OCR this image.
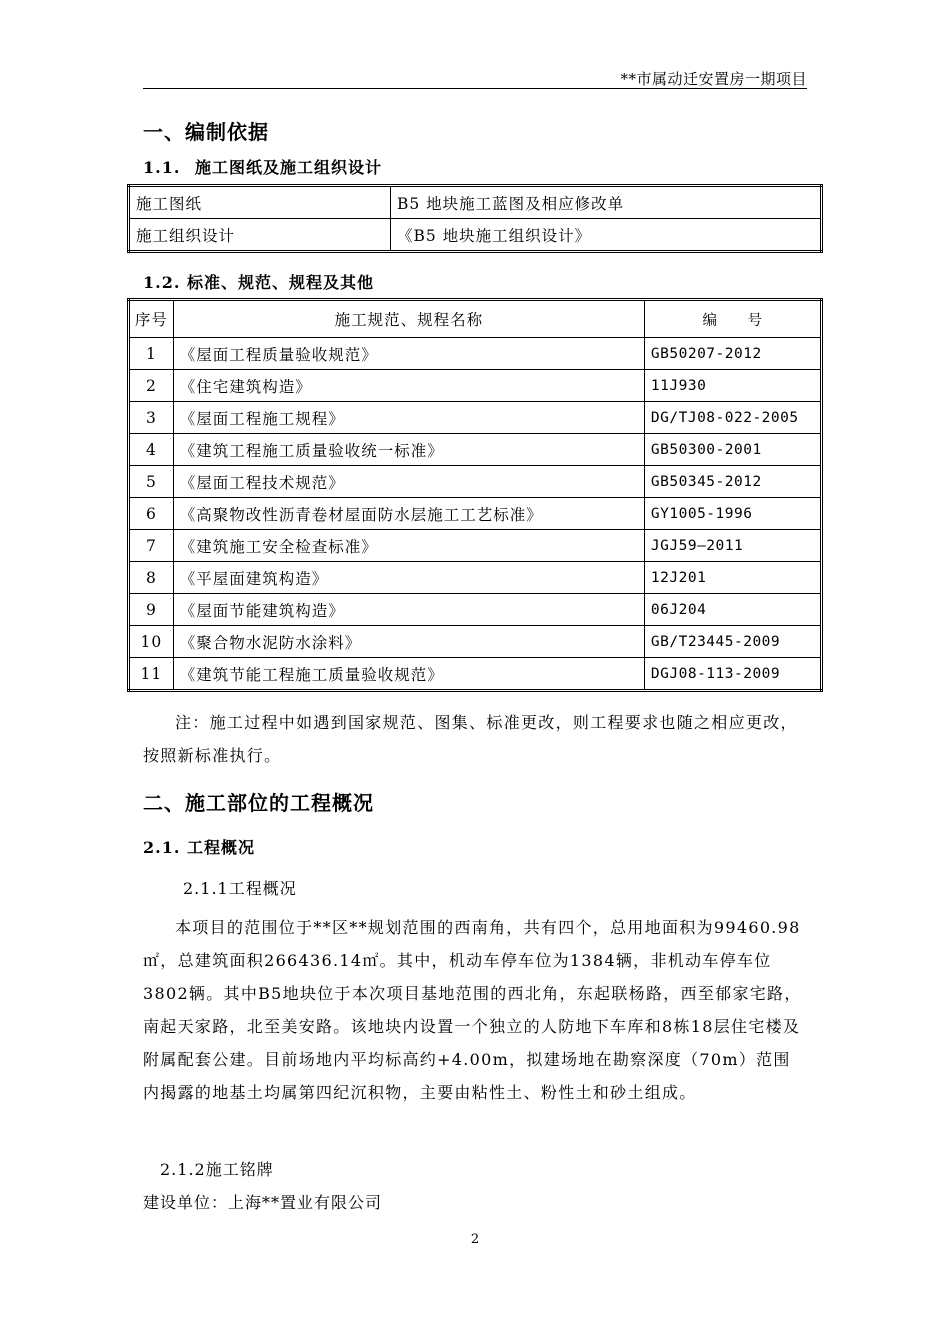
**市属动迁安置房一期项目
一、编制依据
1.1. 施工图纸及施工组织设计
施工图纸	B5 地块施工蓝图及相应修改单
施工组织设计	《B5 地块施工组织设计》
1.2. 标准、规范、规程及其他
序号	施工规范、规程名称	编　　号
1	《屋面工程质量验收规范》	GB50207-2012
2	《住宅建筑构造》	11J930
3	《屋面工程施工规程》	DG/TJ08-022-2005
4	《建筑工程施工质量验收统一标准》	GB50300-2001
5	《屋面工程技术规范》	GB50345-2012
6	《高聚物改性沥青卷材屋面防水层施工工艺标准》	GY1005-1996
7	《建筑施工安全检查标准》	JGJ59—2011
8	《平屋面建筑构造》	12J201
9	《屋面节能建筑构造》	06J204
10	《聚合物水泥防水涂料》	GB/T23445-2009
11	《建筑节能工程施工质量验收规范》	DGJ08-113-2009
注：施工过程中如遇到国家规范、图集、标准更改，则工程要求也随之相应更改，按照新标准执行。
二、施工部位的工程概况
2.1. 工程概况
2.1.1工程概况
本项目的范围位于**区**规划范围的西南角，共有四个，总用地面积为99460.98㎡，总建筑面积266436.14㎡。其中，机动车停车位为1384辆，非机动车停车位3802辆。其中B5地块位于本次项目基地范围的西北角，东起联杨路，西至郁家宅路，南起天家路，北至美安路。该地块内设置一个独立的人防地下车库和8栋18层住宅楼及附属配套公建。目前场地内平均标高约+4.00m，拟建场地在勘察深度（70m）范围内揭露的地基土均属第四纪沉积物，主要由粘性土、粉性土和砂土组成。
2.1.2施工铭牌
建设单位：上海**置业有限公司
2
